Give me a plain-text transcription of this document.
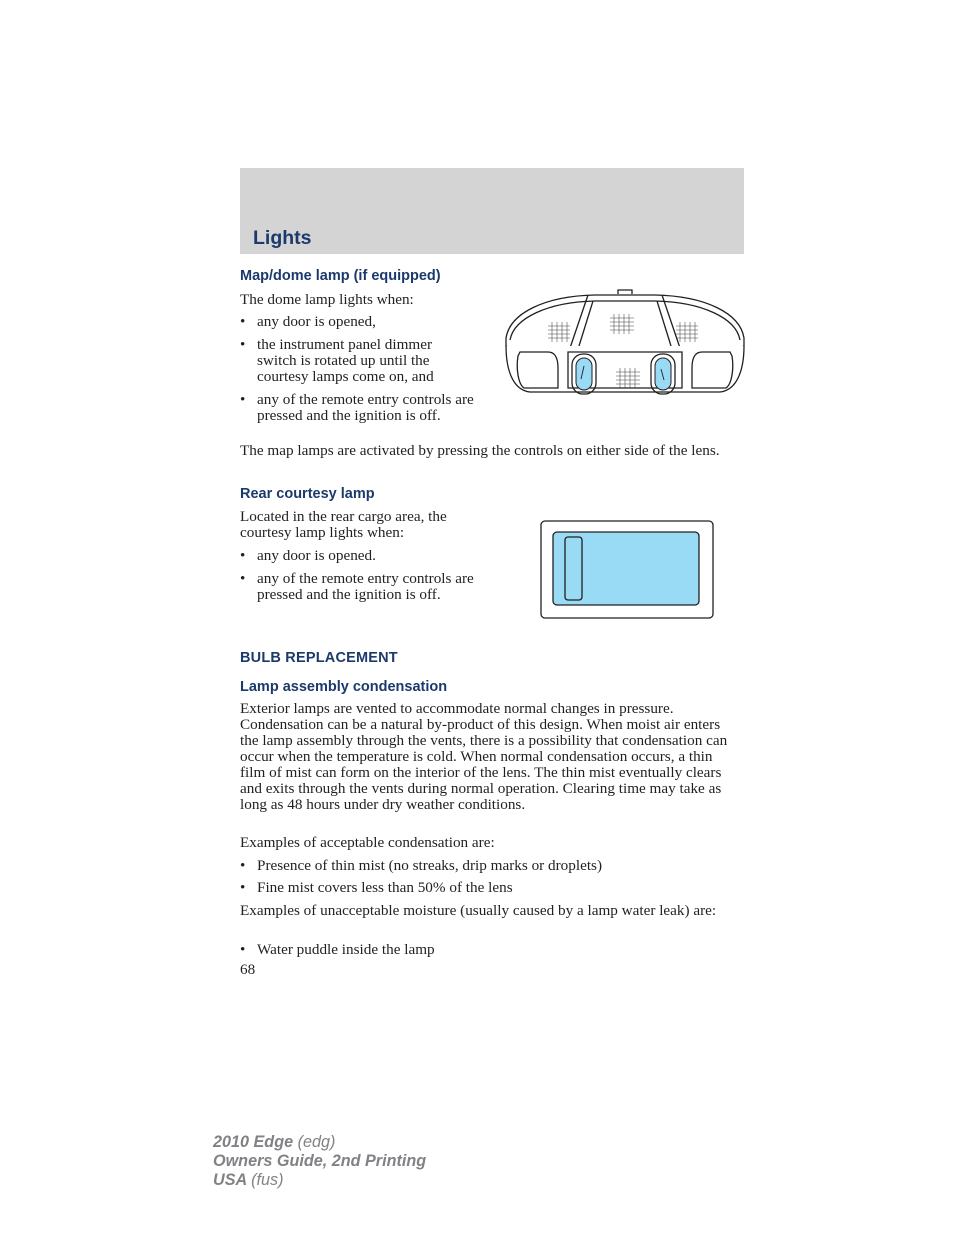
Lights
Map/dome lamp (if equipped)

The dome lamp lights when:

• any door is opened,
• the instrument panel dimmer switch is rotated up until the courtesy lamps come on, and
• any of the remote entry controls are pressed and the ignition is off.

The map lamps are activated by pressing the controls on either side of the lens.

Rear courtesy lamp

Located in the rear cargo area, the courtesy lamp lights when:

• any door is opened.
• any of the remote entry controls are pressed and the ignition is off.
BULB REPLACEMENT
Lamp assembly condensation

Exterior lamps are vented to accommodate normal changes in pressure. Condensation can be a natural by-product of this design. When moist air enters the lamp assembly through the vents, there is a possibility that condensation can occur when the temperature is cold. When normal condensation occurs, a thin film of mist can form on the interior of the lens. The thin mist eventually clears and exits through the vents during normal operation. Clearing time may take as long as 48 hours under dry weather conditions.

Examples of acceptable condensation are:

• Presence of thin mist (no streaks, drip marks or droplets)
• Fine mist covers less than 50% of the lens

Examples of unacceptable moisture (usually caused by a lamp water leak) are:

• Water puddle inside the lamp
68
2010 Edge (edg)
Owners Guide, 2nd Printing
USA (fus)
